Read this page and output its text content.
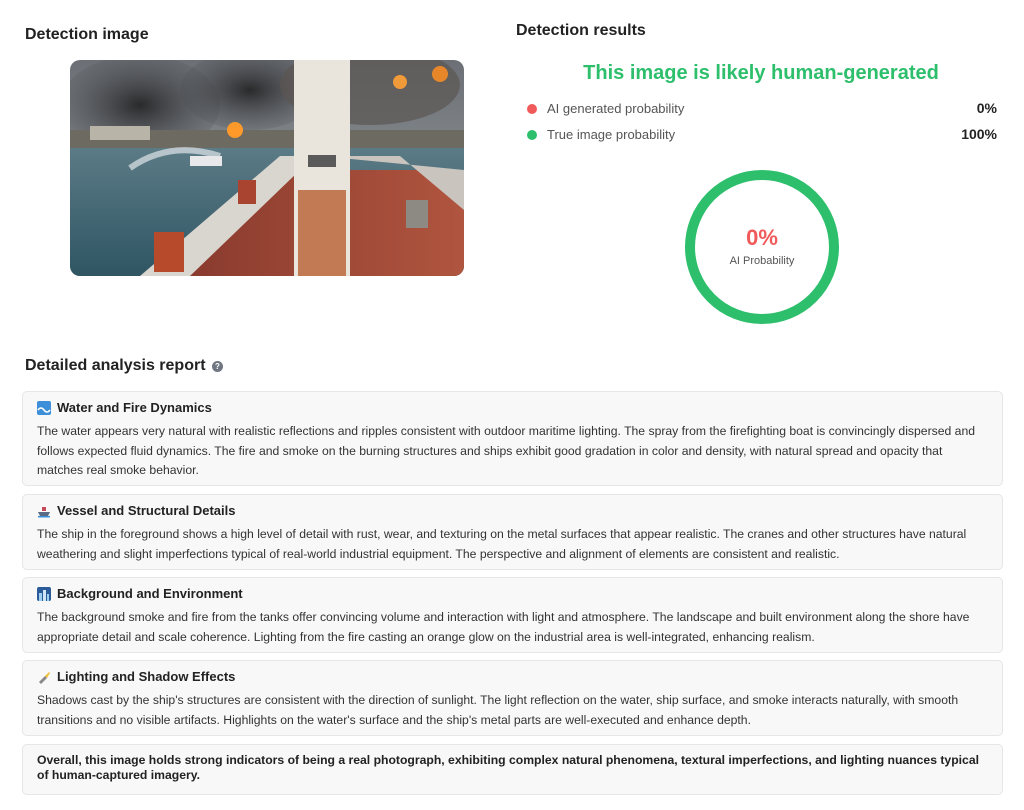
Detection image	Detection results
This image is likely human-generated
AI generated probability	0%
True image probability	100%
0%
AI Probability
Detailed analysis report	?
Water and Fire Dynamics
The water appears very natural with realistic reflections and ripples consistent with outdoor maritime lighting. The spray from the firefighting boat is convincingly dispersed and follows expected fluid dynamics. The fire and smoke on the burning structures and ships exhibit good gradation in color and density, with natural spread and opacity that matches real smoke behavior.
Vessel and Structural Details
The ship in the foreground shows a high level of detail with rust, wear, and texturing on the metal surfaces that appear realistic. The cranes and other structures have natural weathering and slight imperfections typical of real-world industrial equipment. The perspective and alignment of elements are consistent and realistic.
Background and Environment
The background smoke and fire from the tanks offer convincing volume and interaction with light and atmosphere. The landscape and built environment along the shore have appropriate detail and scale coherence. Lighting from the fire casting an orange glow on the industrial area is well-integrated, enhancing realism.
Lighting and Shadow Effects
Shadows cast by the ship's structures are consistent with the direction of sunlight. The light reflection on the water, ship surface, and smoke interacts naturally, with smooth transitions and no visible artifacts. Highlights on the water's surface and the ship's metal parts are well-executed and enhance depth.
Overall, this image holds strong indicators of being a real photograph, exhibiting complex natural phenomena, textural imperfections, and lighting nuances typical of human-captured imagery.
